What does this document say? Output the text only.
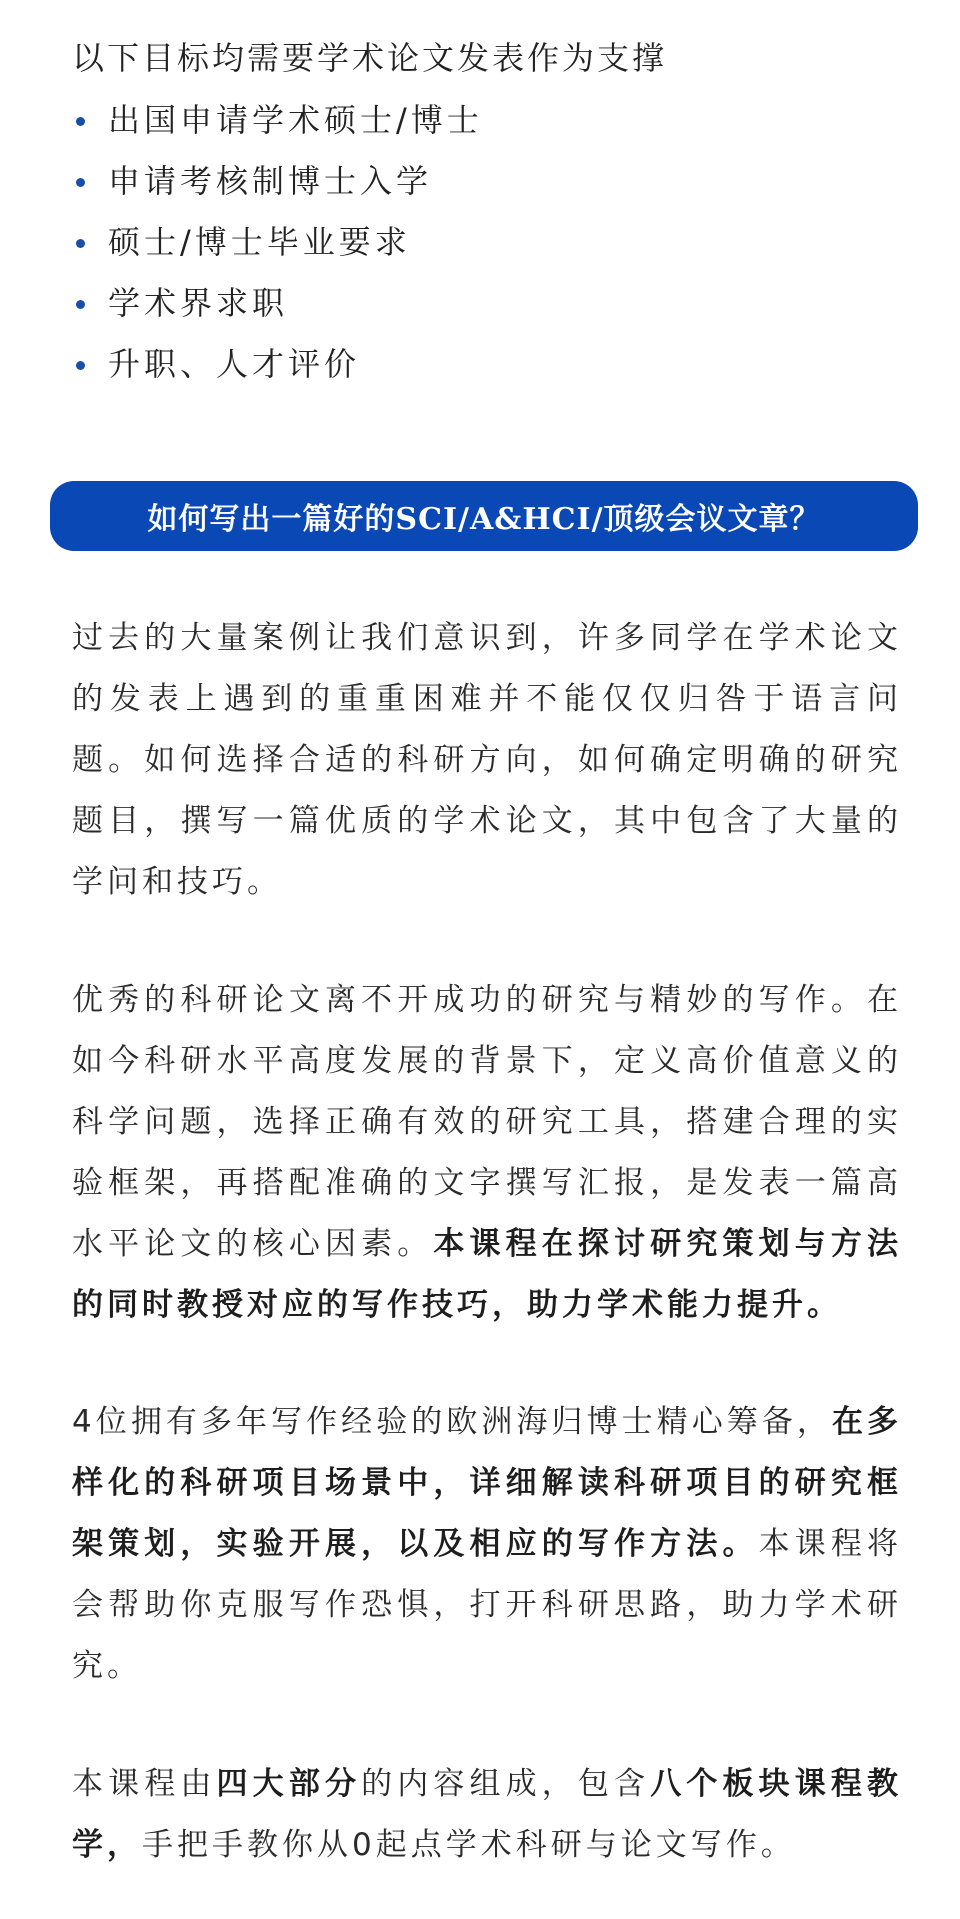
以下目标均需要学术论文发表作为支撑

出国申请学术硕士/博士
申请考核制博士入学
硕士/博士毕业要求
学术界求职
升职、人才评价
如何写出一篇好的SCI/A&HCI/顶级会议文章？

过去的大量案例让我们意识到，许多同学在学术论文的发表上遇到的重重困难并不能仅仅归咎于语言问题。如何选择合适的科研方向，如何确定明确的研究题目，撰写一篇优质的学术论文，其中包含了大量的学问和技巧。

优秀的科研论文离不开成功的研究与精妙的写作。在如今科研水平高度发展的背景下，定义高价值意义的科学问题，选择正确有效的研究工具，搭建合理的实验框架，再搭配准确的文字撰写汇报，是发表一篇高水平论文的核心因素。本课程在探讨研究策划与方法的同时教授对应的写作技巧，助力学术能力提升。

4位拥有多年写作经验的欧洲海归博士精心筹备，在多样化的科研项目场景中，详细解读科研项目的研究框架策划，实验开展，以及相应的写作方法。本课程将会帮助你克服写作恐惧，打开科研思路，助力学术研究。

本课程由四大部分的内容组成，包含八个板块课程教学，手把手教你从0起点学术科研与论文写作。
